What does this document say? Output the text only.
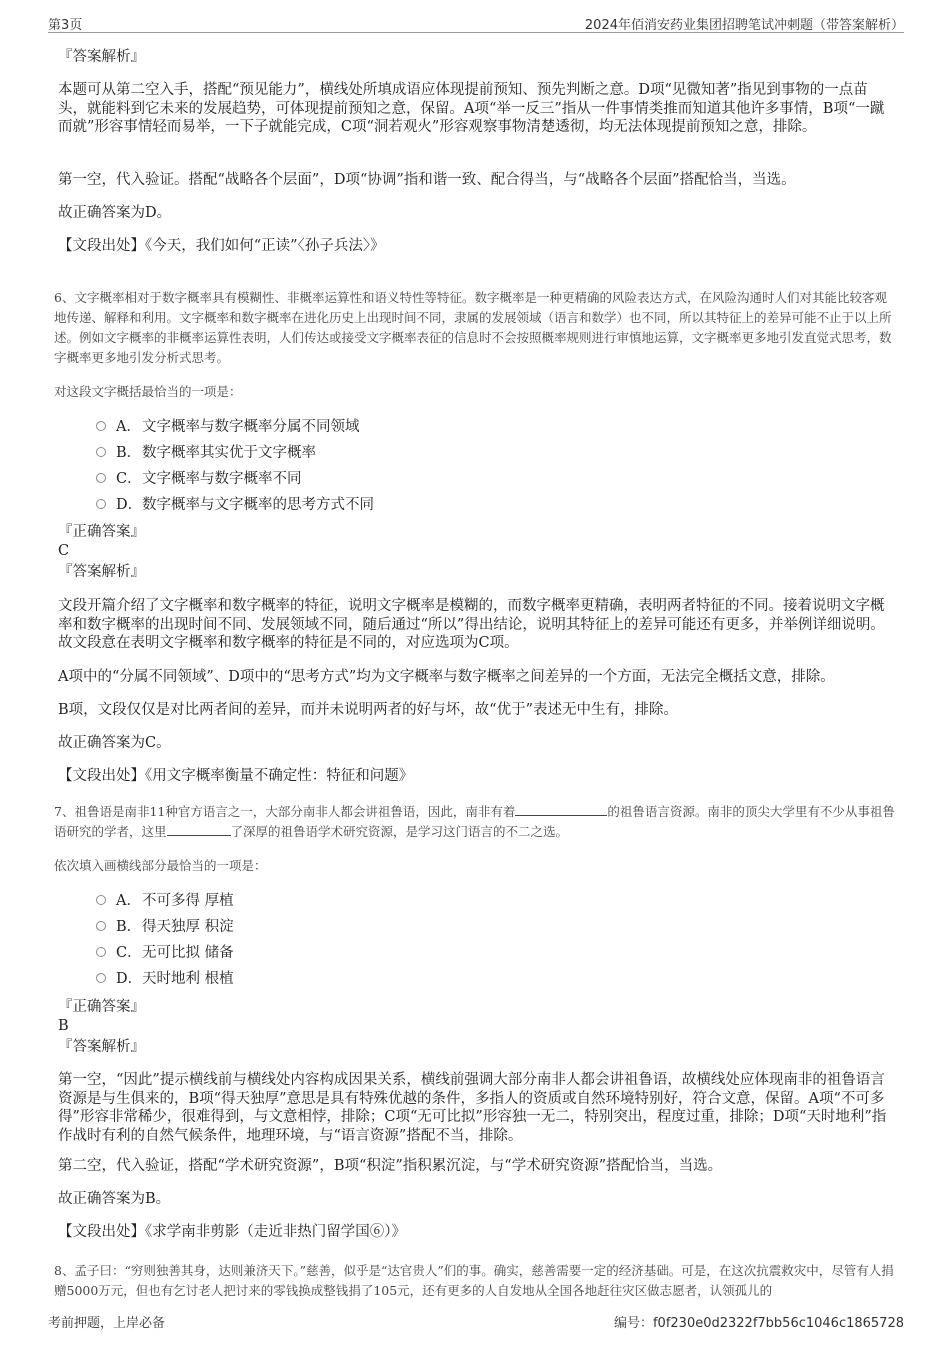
第3页	2024年佰消安药业集团招聘笔试冲刺题（带答案解析）
『答案解析』

本题可从第二空入手，搭配“预见能力”，横线处所填成语应体现提前预知、预先判断之意。D项“见微知著”指见到事物的一点苗头，就能料到它未来的发展趋势，可体现提前预知之意，保留。A项“举一反三”指从一件事情类推而知道其他许多事情，B项“一蹴而就”形容事情轻而易举，一下子就能完成，C项“洞若观火”形容观察事物清楚透彻，均无法体现提前预知之意，排除。

第一空，代入验证。搭配“战略各个层面”，D项“协调”指和谐一致、配合得当，与“战略各个层面”搭配恰当，当选。

故正确答案为D。

【文段出处】《今天，我们如何“正读”〈孙子兵法〉》

6、文字概率相对于数字概率具有模糊性、非概率运算性和语义特性等特征。数字概率是一种更精确的风险表达方式，在风险沟通时人们对其能比较客观地传递、解释和利用。文字概率和数字概率在进化历史上出现时间不同，隶属的发展领域（语言和数学）也不同，所以其特征上的差异可能不止于以上所述。例如文字概率的非概率运算性表明，人们传达或接受文字概率表征的信息时不会按照概率规则进行审慎地运算，文字概率更多地引发直觉式思考，数字概率更多地引发分析式思考。

对这段文字概括最恰当的一项是：

A．文字概率与数字概率分属不同领域
B．数字概率其实优于文字概率
C．文字概率与数字概率不同
D．数字概率与文字概率的思考方式不同
『正确答案』
C
『答案解析』

文段开篇介绍了文字概率和数字概率的特征，说明文字概率是模糊的，而数字概率更精确，表明两者特征的不同。接着说明文字概率和数字概率的出现时间不同、发展领域不同，随后通过“所以”得出结论，说明其特征上的差异可能还有更多，并举例详细说明。故文段意在表明文字概率和数字概率的特征是不同的，对应选项为C项。

A项中的“分属不同领域”、D项中的“思考方式”均为文字概率与数字概率之间差异的一个方面，无法完全概括文意，排除。

B项，文段仅仅是对比两者间的差异，而并未说明两者的好与坏，故“优于”表述无中生有，排除。

故正确答案为C。

【文段出处】《用文字概率衡量不确定性：特征和问题》

7、祖鲁语是南非11种官方语言之一，大部分南非人都会讲祖鲁语，因此，南非有着	的祖鲁语言资源。南非的顶尖大学里有不少从事祖鲁语研究的学者，这里	了深厚的祖鲁语学术研究资源，是学习这门语言的不二之选。

依次填入画横线部分最恰当的一项是：

A．不可多得 厚植
B．得天独厚 积淀
C．无可比拟 储备
D．天时地利 根植
『正确答案』
B
『答案解析』

第一空，“因此”提示横线前与横线处内容构成因果关系，横线前强调大部分南非人都会讲祖鲁语，故横线处应体现南非的祖鲁语言资源是与生俱来的，B项“得天独厚”意思是具有特殊优越的条件，多指人的资质或自然环境特别好，符合文意，保留。A项“不可多得”形容非常稀少，很难得到，与文意相悖，排除；C项“无可比拟”形容独一无二，特别突出，程度过重，排除；D项“天时地利”指作战时有利的自然气候条件，地理环境，与“语言资源”搭配不当，排除。

第二空，代入验证，搭配“学术研究资源”，B项“积淀”指积累沉淀，与“学术研究资源”搭配恰当，当选。

故正确答案为B。

【文段出处】《求学南非剪影（走近非热门留学国⑥）》

8、孟子曰：“穷则独善其身，达则兼济天下。”慈善，似乎是“达官贵人”们的事。确实，慈善需要一定的经济基础。可是，在这次抗震救灾中，尽管有人捐赠5000万元，但也有乞讨老人把讨来的零钱换成整钱捐了105元，还有更多的人自发地从全国各地赶往灾区做志愿者，认领孤儿的

考前押题，上岸必备	编号：f0f230e0d2322f7bb56c1046c1865728
